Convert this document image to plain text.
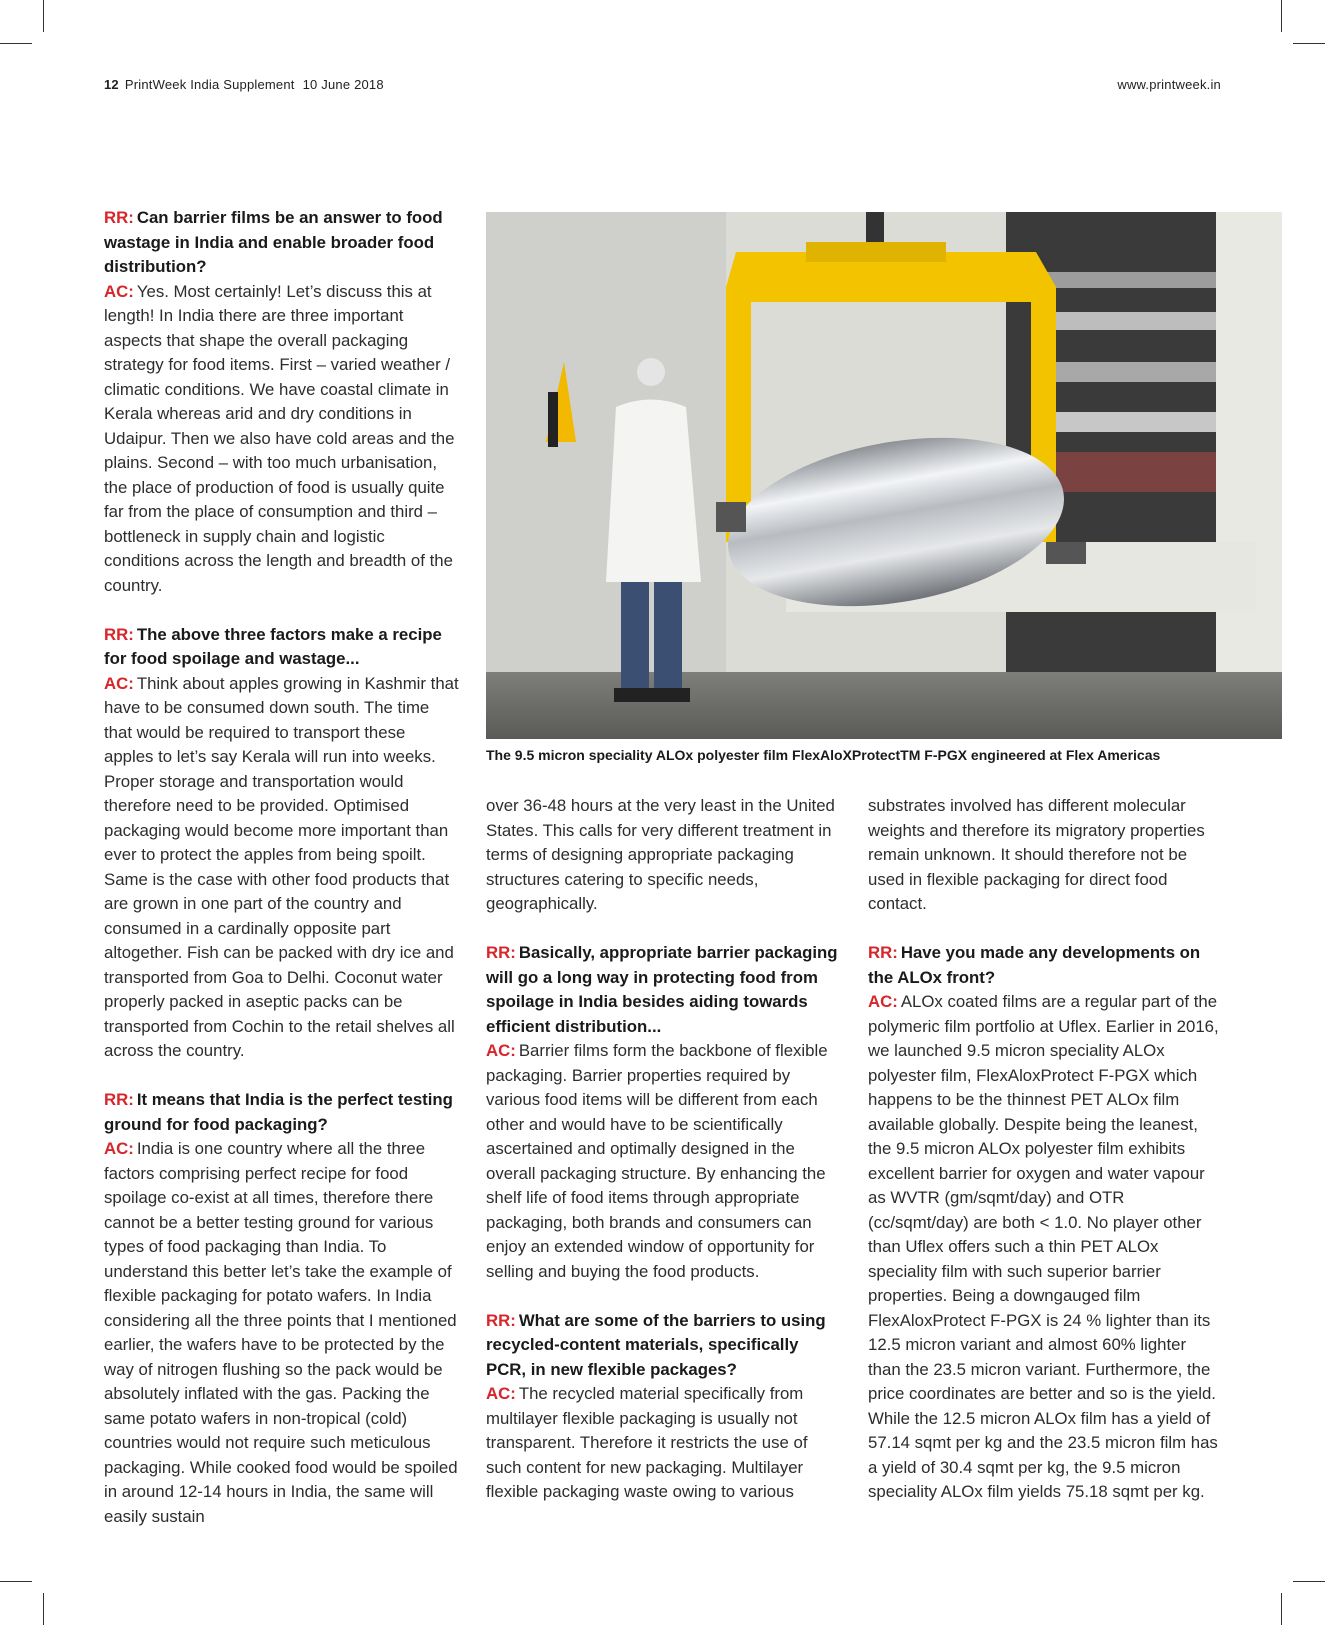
12 PrintWeek India Supplement 10 June 2018	www.printweek.in

RR: Can barrier films be an answer to food wastage in India and enable broader food distribution?

AC: Yes. Most certainly! Let’s discuss this at length! In India there are three important aspects that shape the overall packaging strategy for food items. First – varied weather / climatic conditions. We have coastal climate in Kerala whereas arid and dry conditions in Udaipur. Then we also have cold areas and the plains. Second – with too much urbanisation, the place of production of food is usually quite far from the place of consumption and third – bottleneck in supply chain and logistic conditions across the length and breadth of the country.

RR: The above three factors make a recipe for food spoilage and wastage...

AC: Think about apples growing in Kashmir that have to be consumed down south. The time that would be required to transport these apples to let’s say Kerala will run into weeks. Proper storage and transportation would therefore need to be provided. Optimised packaging would become more important than ever to protect the apples from being spoilt. Same is the case with other food products that are grown in one part of the country and consumed in a cardinally opposite part altogether. Fish can be packed with dry ice and transported from Goa to Delhi. Coconut water properly packed in aseptic packs can be transported from Cochin to the retail shelves all across the country.

RR: It means that India is the perfect testing ground for food packaging?

AC: India is one country where all the three factors comprising perfect recipe for food spoilage co-exist at all times, therefore there cannot be a better testing ground for various types of food packaging than India. To understand this better let’s take the example of flexible packaging for potato wafers. In India considering all the three points that I mentioned earlier, the wafers have to be protected by the way of nitrogen flushing so the pack would be absolutely inflated with the gas. Packing the same potato wafers in non-tropical (cold) countries would not require such meticulous packaging. While cooked food would be spoiled in around 12-14 hours in India, the same will easily sustain

The 9.5 micron speciality ALOx polyester film FlexAloXProtectTM F-PGX engineered at Flex Americas

over 36-48 hours at the very least in the United States. This calls for very different treatment in terms of designing appropriate packaging structures catering to specific needs, geographically.

RR: Basically, appropriate barrier packaging will go a long way in protecting food from spoilage in India besides aiding towards efficient distribution...

AC: Barrier films form the backbone of flexible packaging. Barrier properties required by various food items will be different from each other and would have to be scientifically ascertained and optimally designed in the overall packaging structure. By enhancing the shelf life of food items through appropriate packaging, both brands and consumers can enjoy an extended window of opportunity for selling and buying the food products.

RR: What are some of the barriers to using recycled-content materials, specifically PCR, in new flexible packages?

AC: The recycled material specifically from multilayer flexible packaging is usually not transparent. Therefore it restricts the use of such content for new packaging. Multilayer flexible packaging waste owing to various

substrates involved has different molecular weights and therefore its migratory properties remain unknown. It should therefore not be used in flexible packaging for direct food contact.

RR: Have you made any developments on the ALOx front?

AC: ALOx coated films are a regular part of the polymeric film portfolio at Uflex. Earlier in 2016, we launched 9.5 micron speciality ALOx polyester film, FlexAloxProtect F-PGX which happens to be the thinnest PET ALOx film available globally. Despite being the leanest, the 9.5 micron ALOx polyester film exhibits excellent barrier for oxygen and water vapour as WVTR (gm/sqmt/day) and OTR (cc/sqmt/day) are both < 1.0. No player other than Uflex offers such a thin PET ALOx speciality film with such superior barrier properties. Being a downgauged film FlexAloxProtect F-PGX is 24 % lighter than its 12.5 micron variant and almost 60% lighter than the 23.5 micron variant. Furthermore, the price coordinates are better and so is the yield. While the 12.5 micron ALOx film has a yield of 57.14 sqmt per kg and the 23.5 micron film has a yield of 30.4 sqmt per kg, the 9.5 micron speciality ALOx film yields 75.18 sqmt per kg.
